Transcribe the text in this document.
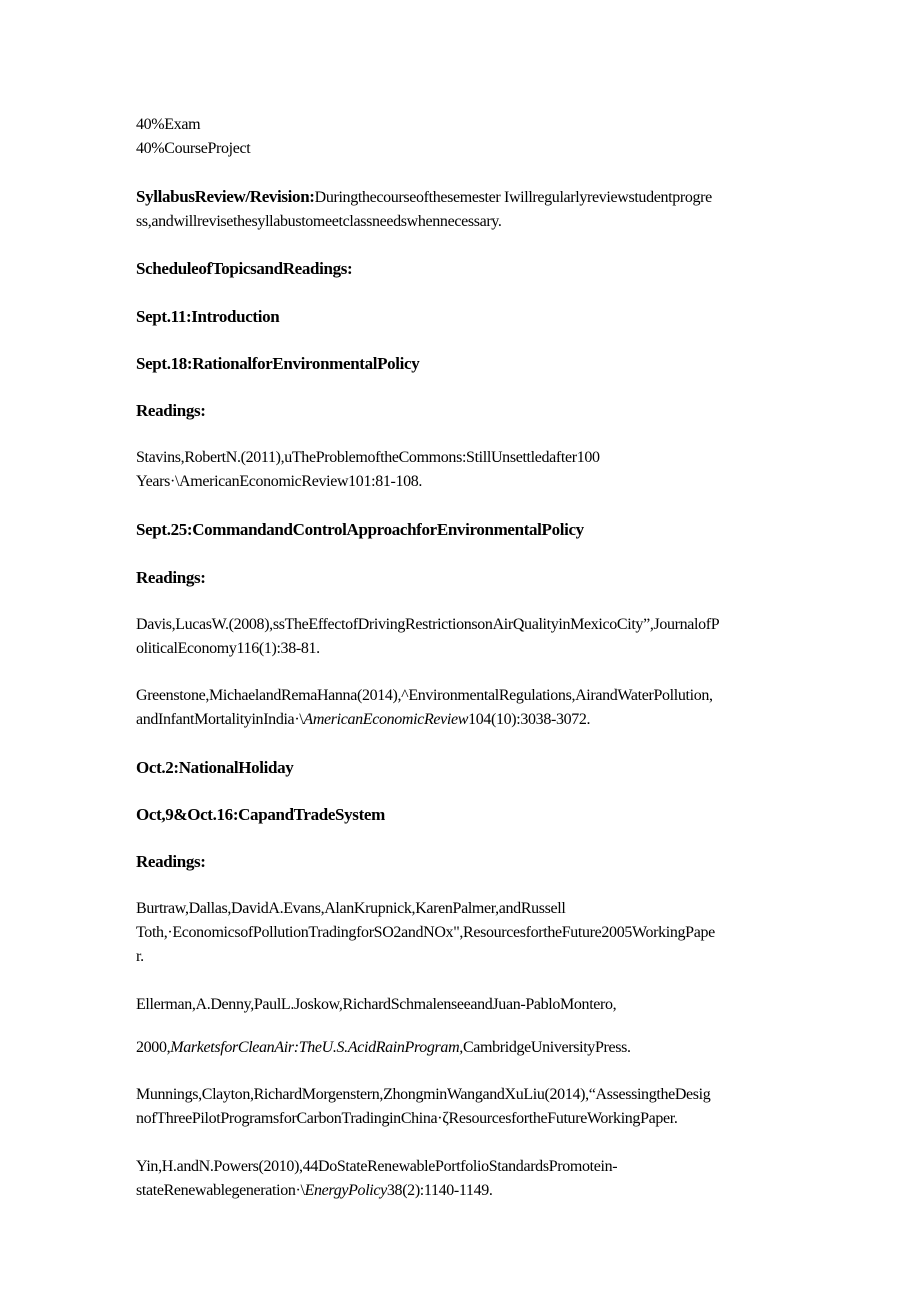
40%Exam
40%CourseProject
SyllabusReview/Revision:Duringthecourseofthesemester Iwillregularlyreviewstudentprogre
ss,andwillrevisethesyllabustomeetclassneedswhennecessary.
ScheduleofTopicsandReadings:
Sept.11:Introduction
Sept.18:RationalforEnvironmentalPolicy
Readings:
Stavins,RobertN.(2011),uTheProblemoftheCommons:StillUnsettledafter100
Years·\AmericanEconomicReview101:81-108.
Sept.25:CommandandControlApproachforEnvironmentalPolicy
Readings:
Davis,LucasW.(2008),ssTheEffectofDrivingRestrictionsonAirQualityinMexicoCity”,JournalofP
oliticalEconomy116(1):38-81.
Greenstone,MichaelandRemaHanna(2014),^EnvironmentalRegulations,AirandWaterPollution,
andInfantMortalityinIndia·\AmericanEconomicReview104(10):3038-3072.
Oct.2:NationalHoliday
Oct,9&Oct.16:CapandTradeSystem
Readings:
Burtraw,Dallas,DavidA.Evans,AlanKrupnick,KarenPalmer,andRussell
Toth,·EconomicsofPollutionTradingforSO2andNOx",ResourcesfortheFuture2005WorkingPape
r.
Ellerman,A.Denny,PaulL.Joskow,RichardSchmalenseeandJuan-PabloMontero,
2000,MarketsforCleanAir:TheU.S.AcidRainProgram,CambridgeUniversityPress.
Munnings,Clayton,RichardMorgenstern,ZhongminWangandXuLiu(2014),“AssessingtheDesig
nofThreePilotProgramsforCarbonTradinginChina·ζResourcesfortheFutureWorkingPaper.
Yin,H.andN.Powers(2010),44DoStateRenewablePortfolioStandardsPromotein-
stateRenewablegeneration·\EnergyPolicy38(2):1140-1149.
